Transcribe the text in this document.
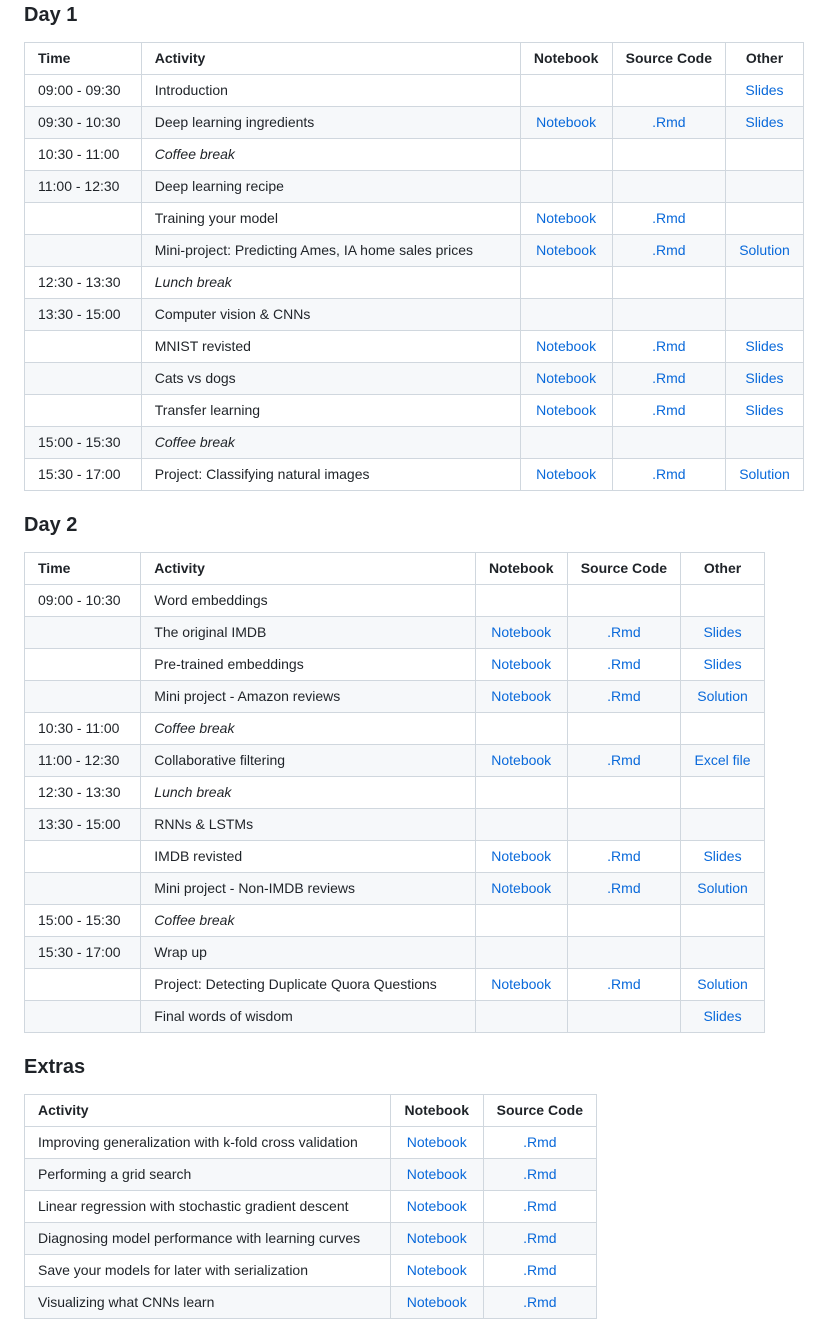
Day 1
Time	Activity	Notebook	Source Code	Other
09:00 - 09:30	Introduction			Slides
09:30 - 10:30	Deep learning ingredients	Notebook	.Rmd	Slides
10:30 - 11:00	Coffee break			
11:00 - 12:30	Deep learning recipe			
	Training your model	Notebook	.Rmd	
	Mini-project: Predicting Ames, IA home sales prices	Notebook	.Rmd	Solution
12:30 - 13:30	Lunch break			
13:30 - 15:00	Computer vision & CNNs			
	MNIST revisted	Notebook	.Rmd	Slides
	Cats vs dogs	Notebook	.Rmd	Slides
	Transfer learning	Notebook	.Rmd	Slides
15:00 - 15:30	Coffee break			
15:30 - 17:00	Project: Classifying natural images	Notebook	.Rmd	Solution
Day 2
Time	Activity	Notebook	Source Code	Other
09:00 - 10:30	Word embeddings			
	The original IMDB	Notebook	.Rmd	Slides
	Pre-trained embeddings	Notebook	.Rmd	Slides
	Mini project - Amazon reviews	Notebook	.Rmd	Solution
10:30 - 11:00	Coffee break			
11:00 - 12:30	Collaborative filtering	Notebook	.Rmd	Excel file
12:30 - 13:30	Lunch break			
13:30 - 15:00	RNNs & LSTMs			
	IMDB revisted	Notebook	.Rmd	Slides
	Mini project - Non-IMDB reviews	Notebook	.Rmd	Solution
15:00 - 15:30	Coffee break			
15:30 - 17:00	Wrap up			
	Project: Detecting Duplicate Quora Questions	Notebook	.Rmd	Solution
	Final words of wisdom			Slides
Extras
Activity	Notebook	Source Code
Improving generalization with k-fold cross validation	Notebook	.Rmd
Performing a grid search	Notebook	.Rmd
Linear regression with stochastic gradient descent	Notebook	.Rmd
Diagnosing model performance with learning curves	Notebook	.Rmd
Save your models for later with serialization	Notebook	.Rmd
Visualizing what CNNs learn	Notebook	.Rmd
